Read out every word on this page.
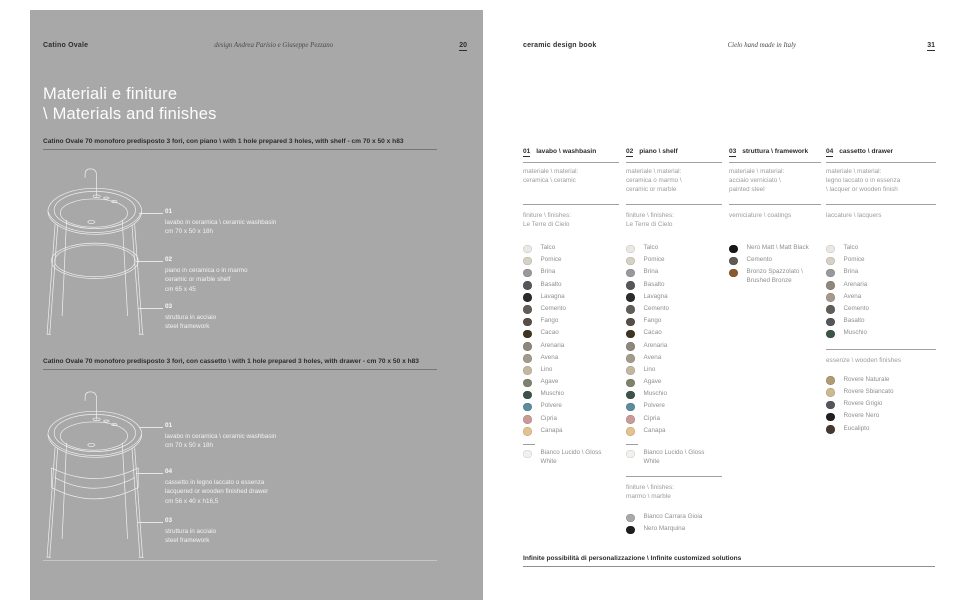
Catino Ovale	design Andrea Parisio e Giuseppe Pezzano	20
Materiali e finiture
\ Materials and finishes
Catino Ovale 70 monoforo predisposto 3 fori, con piano \ with 1 hole prepared 3 holes, with shelf - cm 70 x 50 x h83
01
lavabo in ceramica \ ceramic washbasin
cm 70 x 50 x 18h
02
piano in ceramica o in marmo
ceramic or marble shelf
cm 65 x 45
03
struttura in acciaio
steel framework
Catino Ovale 70 monoforo predisposto 3 fori, con cassetto \ with 1 hole prepared 3 holes, with drawer - cm 70 x 50 x h83
01
lavabo in ceramica \ ceramic washbasin
cm 70 x 50 x 18h
04
cassetto in legno laccato o essenza
lacquered or wooden finished drawer
cm 56 x 40 x h16,5
03
struttura in acciaio
steel framework
ceramic design book	Cielo hand made in Italy	31
01 lavabo \ washbasin
materiale \ material:
ceramica \ ceramic
finiture \ finishes:
Le Terre di Cielo
Talco
Pomice
Brina
Basalto
Lavagna
Cemento
Fango
Cacao
Arenaria
Avena
Lino
Agave
Muschio
Polvere
Cipria
Canapa
Bianco Lucido \ Gloss White
02 piano \ shelf
materiale \ material:
ceramica o marmo \
ceramic or marble
finiture \ finishes:
Le Terre di Cielo
Talco
Pomice
Brina
Basalto
Lavagna
Cemento
Fango
Cacao
Arenaria
Avena
Lino
Agave
Muschio
Polvere
Cipria
Canapa
Bianco Lucido \ Gloss White
finiture \ finishes:
marmo \ marble
Bianco Carrara Gioia
Nero Marquina
03 struttura \ framework
materiale \ material:
acciaio verniciato \
painted steel
verniciature \ coatings
Nero Matt \ Matt Black
Cemento
Bronzo Spazzolato \ Brushed Bronze
04 cassetto \ drawer
materiale \ material:
legno laccato o in essenza
\ lacquer or wooden finish
laccature \ lacquers
Talco
Pomice
Brina
Arenaria
Avena
Cemento
Basalto
Muschio
essenze \ wooden finishes
Rovere Naturale
Rovere Sbiancato
Rovere Grigio
Rovere Nero
Eucalipto
Infinite possibilità di personalizzazione \ Infinite customized solutions
